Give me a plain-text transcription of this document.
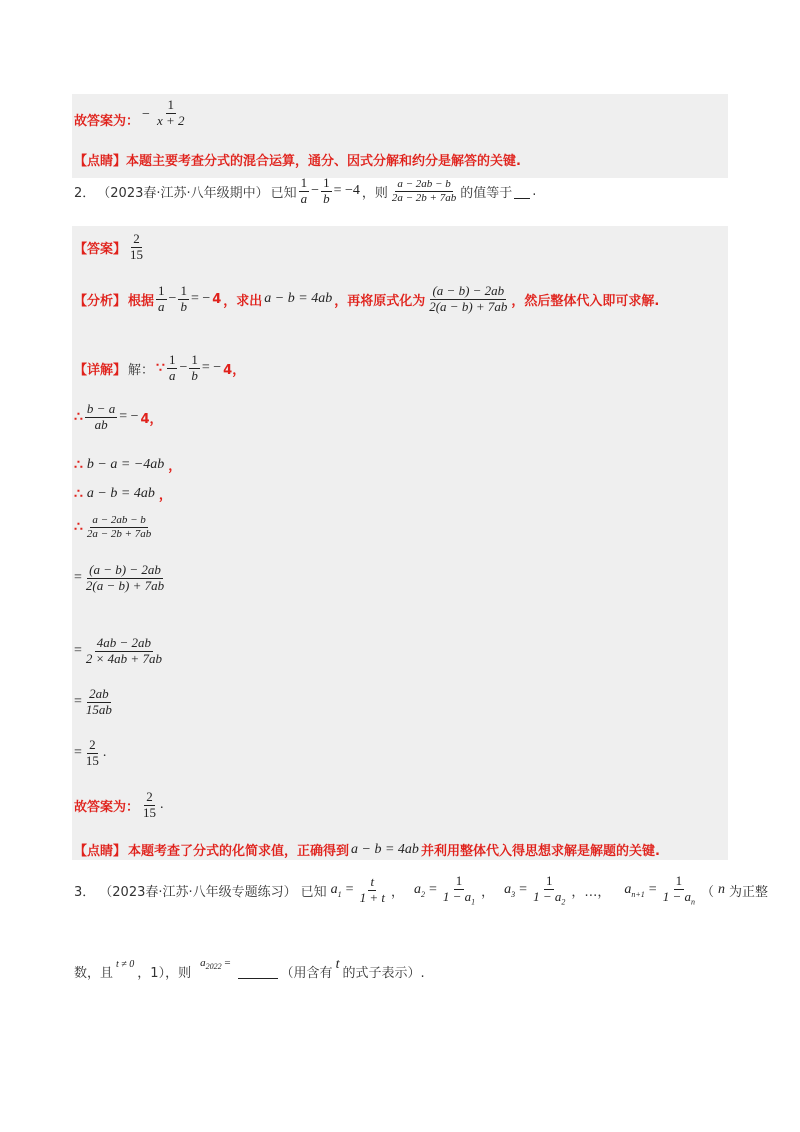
故答案为： − $\frac{1}{x + 2}$
【点睛】本题主要考查分式的混合运算，通分、因式分解和约分是解答的关键.
2． （2023春·江苏·八年级期中） 已知 $\frac{1}{a} - \frac{1}{b} = -4$ ，则 $\frac{a - 2ab - b}{2a - 2b + 7ab}$ 的值等于 .
【答案】 $\frac{2}{15}$
【分析】 根据 $\frac{1}{a} - \frac{1}{b}$ = − 4 ，求出 a − b = 4ab ，再将原式化为 $\frac{(a - b) - 2ab}{2(a - b) + 7ab}$ ，然后整体代入即可求解.
【详解】 解： ∵ $\frac{1}{a} - \frac{1}{b}$ = − 4，
∴ $\frac{b - a}{ab}$ = − 4，
∴ b − a = −4ab ，
∴ a − b = 4ab ，
∴ $\frac{a - 2ab - b}{2a - 2b + 7ab}$
= $\frac{(a - b) - 2ab}{2(a - b) + 7ab}$
= $\frac{4ab - 2ab}{2 \times 4ab + 7ab}$
= $\frac{2ab}{15ab}$
= $\frac{2}{15}$ .
故答案为： $\frac{2}{15}$ .
【点睛】 本题考查了分式的化简求值，正确得到 a − b = 4ab 并利用整体代入得思想求解是解题的关键.
3． （2023春·江苏·八年级专题练习） 已知 $a_1 = \frac{t}{1 + t}$ ， $a_2 = \frac{1}{1 - a_1}$ ， $a_3 = \frac{1}{1 - a_2}$ ，…， $a_{n+1} = \frac{1}{1 - a_n}$ （ n 为正整
数，且
t ≠ 0
，1），则
$a_{2022}$ =
（用含有
t
的式子表示）.
